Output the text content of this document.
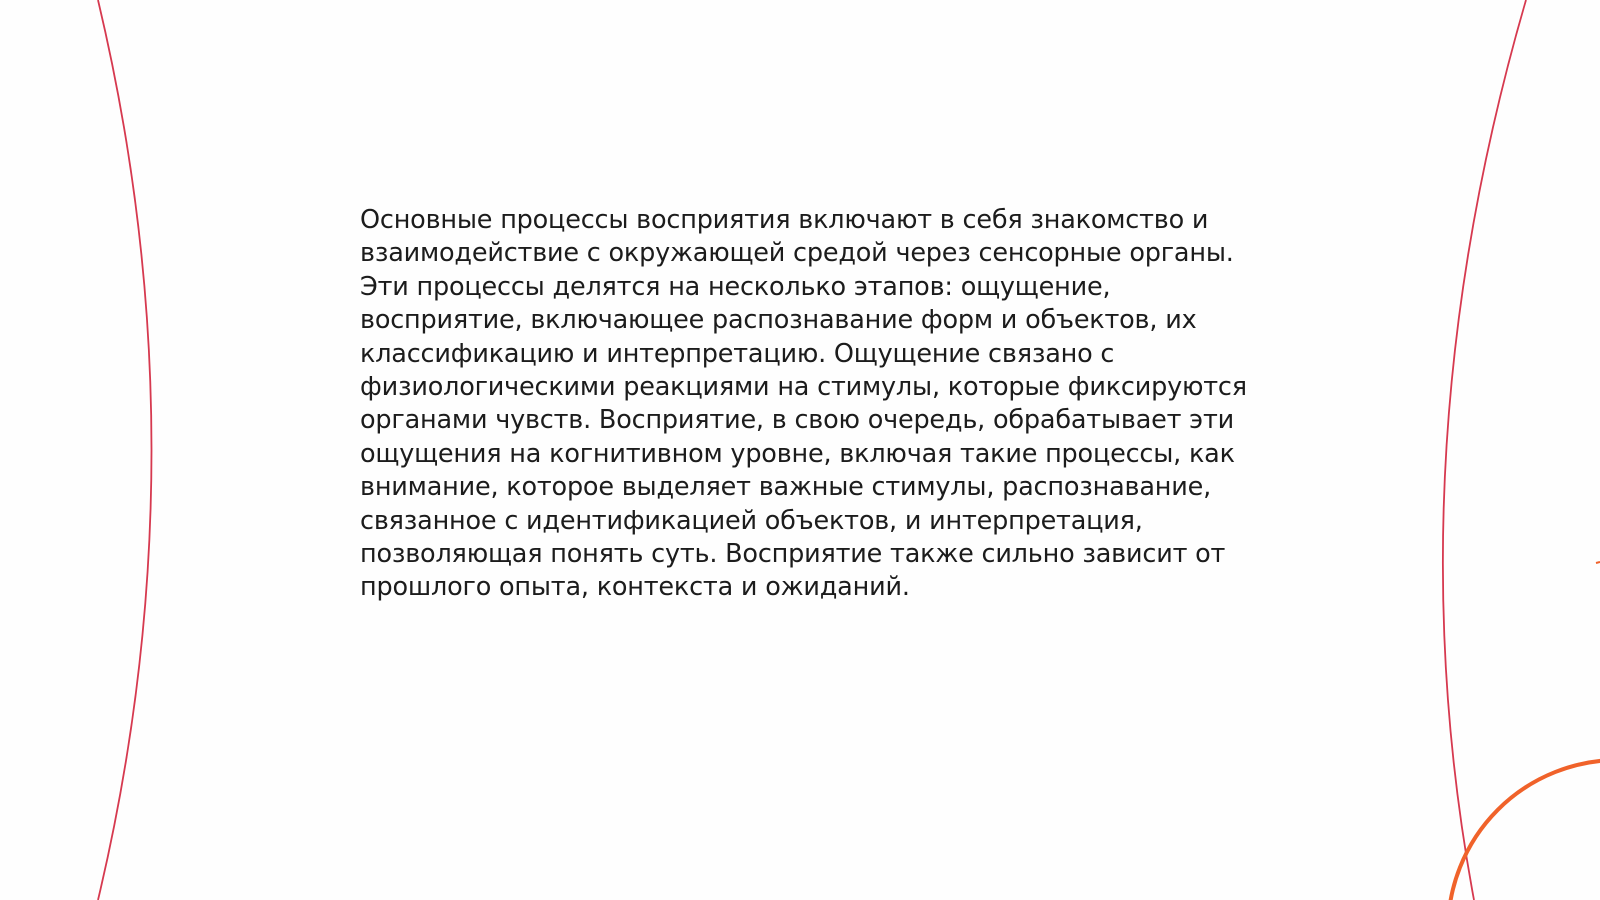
Основные процессы восприятия включают в себя знакомство и взаимодействие с окружающей средой через сенсорные органы. Эти процессы делятся на несколько этапов: ощущение, восприятие, включающее распознавание форм и объектов, их классификацию и интерпретацию. Ощущение связано с физиологическими реакциями на стимулы, которые фиксируются органами чувств. Восприятие, в свою очередь, обрабатывает эти ощущения на когнитивном уровне, включая такие процессы, как внимание, которое выделяет важные стимулы, распознавание, связанное с идентификацией объектов, и интерпретация, позволяющая понять суть. Восприятие также сильно зависит от прошлого опыта, контекста и ожиданий.
